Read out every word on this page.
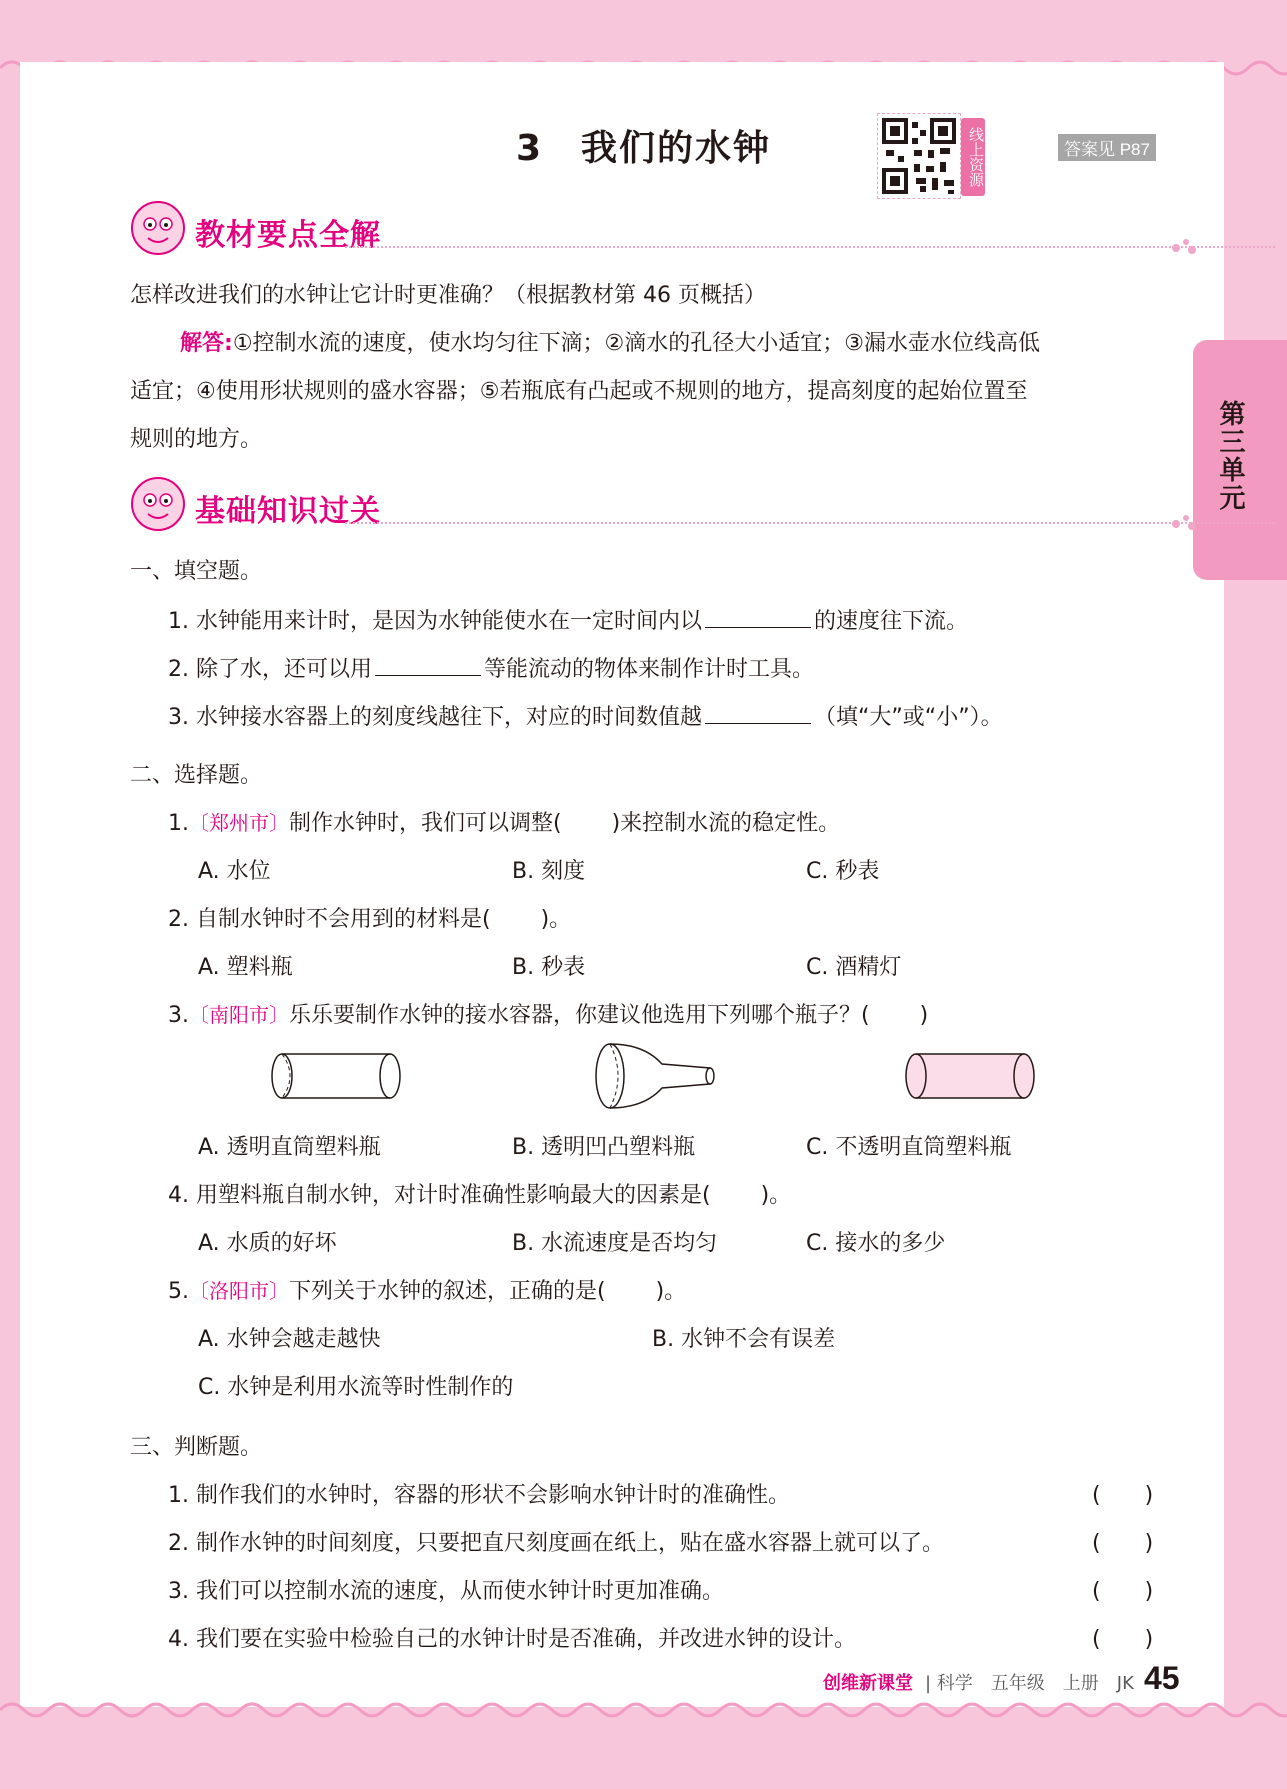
3　我们的水钟	线上资源	答案见 P87
第三单元
教材要点全解
怎样改进我们的水钟让它计时更准确？（根据教材第 46 页概括）
解答:①控制水流的速度，使水均匀往下滴；②滴水的孔径大小适宜；③漏水壶水位线高低
适宜；④使用形状规则的盛水容器；⑤若瓶底有凸起或不规则的地方，提高刻度的起始位置至
规则的地方。
基础知识过关
一、填空题。
1. 水钟能用来计时，是因为水钟能使水在一定时间内以	的速度往下流。
2. 除了水，还可以用	等能流动的物体来制作计时工具。
3. 水钟接水容器上的刻度线越往下，对应的时间数值越	（填“大”或“小”）。
二、选择题。
1.〔郑州市〕制作水钟时，我们可以调整( )来控制水流的稳定性。
A. 水位	B. 刻度	C. 秒表
2. 自制水钟时不会用到的材料是( )。
A. 塑料瓶	B. 秒表	C. 酒精灯
3.〔南阳市〕乐乐要制作水钟的接水容器，你建议他选用下列哪个瓶子？( )
A. 透明直筒塑料瓶	B. 透明凹凸塑料瓶	C. 不透明直筒塑料瓶
4. 用塑料瓶自制水钟，对计时准确性影响最大的因素是( )。
A. 水质的好坏	B. 水流速度是否均匀	C. 接水的多少
5.〔洛阳市〕下列关于水钟的叙述，正确的是( )。
A. 水钟会越走越快	B. 水钟不会有误差
C. 水钟是利用水流等时性制作的
三、判断题。
1. 制作我们的水钟时，容器的形状不会影响水钟计时的准确性。	(　　)
2. 制作水钟的时间刻度，只要把直尺刻度画在纸上，贴在盛水容器上就可以了。	(　　)
3. 我们可以控制水流的速度，从而使水钟计时更加准确。	(　　)
4. 我们要在实验中检验自己的水钟计时是否准确，并改进水钟的设计。	(　　)
创维新课堂 | 科学　五年级　上册　JK 45
